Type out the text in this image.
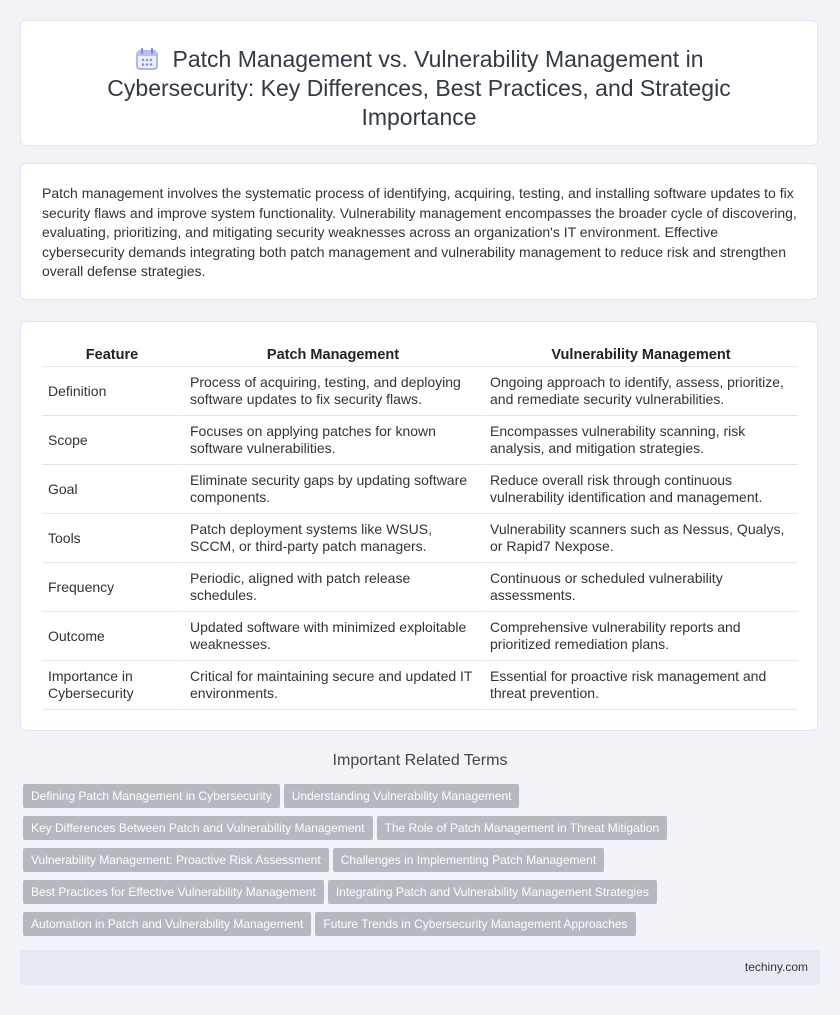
Patch Management vs. Vulnerability Management in Cybersecurity: Key Differences, Best Practices, and Strategic Importance

Patch management involves the systematic process of identifying, acquiring, testing, and installing software updates to fix security flaws and improve system functionality. Vulnerability management encompasses the broader cycle of discovering, evaluating, prioritizing, and mitigating security weaknesses across an organization's IT environment. Effective cybersecurity demands integrating both patch management and vulnerability management to reduce risk and strengthen overall defense strategies.

Feature	Patch Management	Vulnerability Management
Definition	Process of acquiring, testing, and deploying software updates to fix security flaws.	Ongoing approach to identify, assess, prioritize, and remediate security vulnerabilities.
Scope	Focuses on applying patches for known software vulnerabilities.	Encompasses vulnerability scanning, risk analysis, and mitigation strategies.
Goal	Eliminate security gaps by updating software components.	Reduce overall risk through continuous vulnerability identification and management.
Tools	Patch deployment systems like WSUS, SCCM, or third-party patch managers.	Vulnerability scanners such as Nessus, Qualys, or Rapid7 Nexpose.
Frequency	Periodic, aligned with patch release schedules.	Continuous or scheduled vulnerability assessments.
Outcome	Updated software with minimized exploitable weaknesses.	Comprehensive vulnerability reports and prioritized remediation plans.
Importance in Cybersecurity	Critical for maintaining secure and updated IT environments.	Essential for proactive risk management and threat prevention.
Important Related Terms
Defining Patch Management in Cybersecurity Understanding Vulnerability Management
Key Differences Between Patch and Vulnerability Management The Role of Patch Management in Threat Mitigation
Vulnerability Management: Proactive Risk Assessment Challenges in Implementing Patch Management
Best Practices for Effective Vulnerability Management Integrating Patch and Vulnerability Management Strategies
Automation in Patch and Vulnerability Management Future Trends in Cybersecurity Management Approaches
techiny.com
